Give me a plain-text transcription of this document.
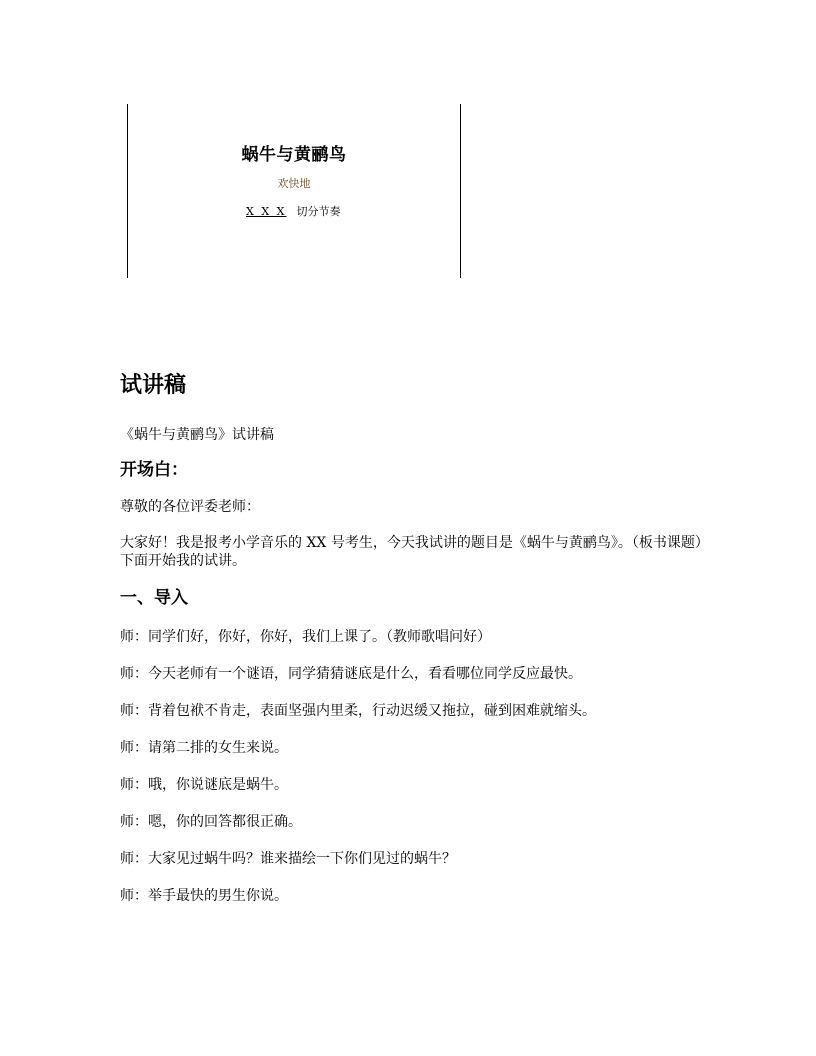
蜗牛与黄鹂鸟
欢快地
X X X 切分节奏
试讲稿

《蜗牛与黄鹂鸟》试讲稿

开场白：

尊敬的各位评委老师：

大家好！我是报考小学音乐的 XX 号考生，今天我试讲的题目是《蜗牛与黄鹂鸟》。（板书课题）下面开始我的试讲。

一、导入

师：同学们好，你好，你好，我们上课了。（教师歌唱问好）

师：今天老师有一个谜语，同学猜猜谜底是什么，看看哪位同学反应最快。

师：背着包袱不肯走，表面坚强内里柔，行动迟缓又拖拉，碰到困难就缩头。

师：请第二排的女生来说。

师：哦，你说谜底是蜗牛。

师：嗯，你的回答都很正确。

师：大家见过蜗牛吗？谁来描绘一下你们见过的蜗牛？

师：举手最快的男生你说。
